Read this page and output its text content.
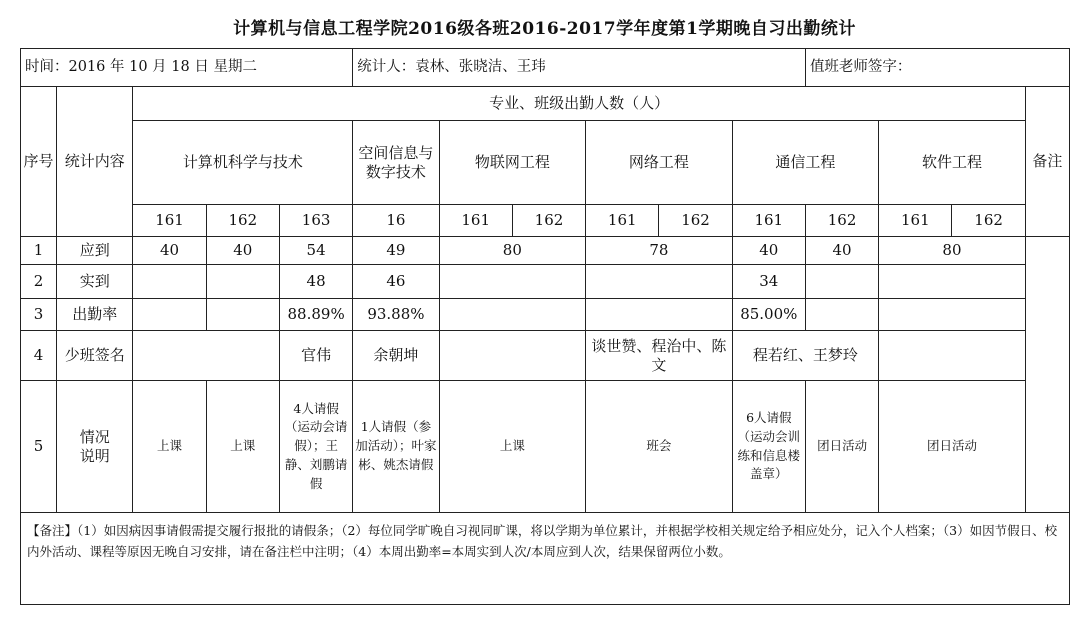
计算机与信息工程学院2016级各班2016-2017学年度第1学期晚自习出勤统计
时间：2016 年 10 月 18 日 星期二					统计人：袁林、张晓洁、王玮						值班老师签字：			
序号	统计内容	专业、班级出勤人数（人）												备注
		计算机科学与技术			空间信息与数字技术	物联网工程		网络工程		通信工程		软件工程		
		161	162	163	16	161	162	161	162	161	162	161	162	
1	应到	40	40	54	49	80		78		40	40	80		
2	实到			48	46					34				
3	出勤率			88.89%	93.88%					85.00%				
4	少班签名			官伟	余朝坤			谈世赞、程治中、陈文		程若红、王梦玲				
5	情况说明	上课	上课	4人请假（运动会请假）；王静、刘鹏请假	1人请假（参加活动）；叶家彬、姚杰请假	上课		班会		6人请假（运动会训练和信息楼盖章）	团日活动	团日活动		
【备注】（1）如因病因事请假需提交履行报批的请假条；（2）每位同学旷晚自习视同旷课，将以学期为单位累计，并根据学校相关规定给予相应处分，记入个人档案；（3）如因节假日、校内外活动、课程等原因无晚自习安排，请在备注栏中注明；（4）本周出勤率=本周实到人次/本周应到人次，结果保留两位小数。														
